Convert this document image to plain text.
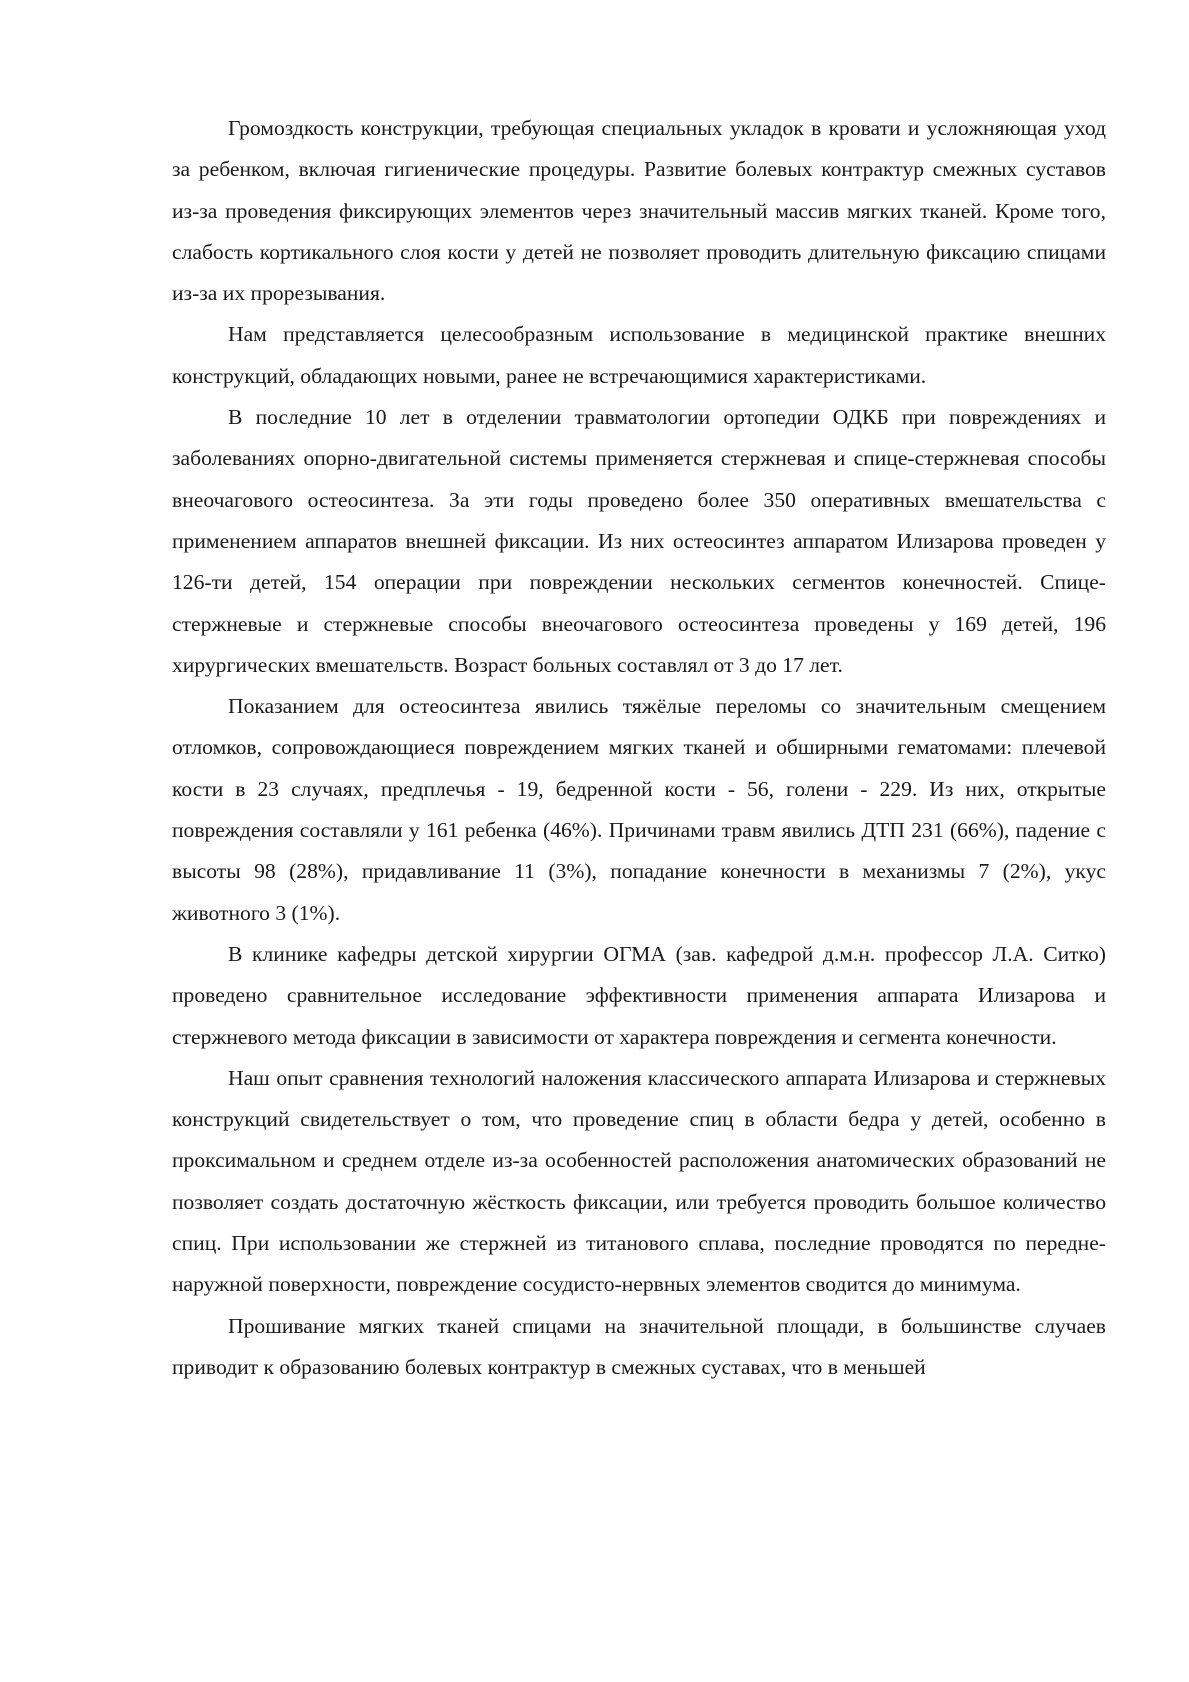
Громоздкость конструкции, требующая специальных укладок в кровати и усложняющая уход за ребенком, включая гигиенические процедуры. Развитие болевых контрактур смежных суставов из-за проведения фиксирующих элементов через значительный массив мягких тканей. Кроме того, слабость кортикального слоя кости у детей не позволяет проводить длительную фиксацию спицами из-за их прорезывания.

Нам представляется целесообразным использование в медицинской практике внешних конструкций, обладающих новыми, ранее не встречающимися характеристиками.

В последние 10 лет в отделении травматологии ортопедии ОДКБ при повреждениях и заболеваниях опорно-двигательной системы применяется стержневая и спице-стержневая способы внеочагового остеосинтеза. За эти годы проведено более 350 оперативных вмешательства с применением аппаратов внешней фиксации. Из них остеосинтез аппаратом Илизарова проведен у 126-ти детей, 154 операции при повреждении нескольких сегментов конечностей. Спице-стержневые и стержневые способы внеочагового остеосинтеза проведены у 169 детей, 196 хирургических вмешательств. Возраст больных составлял от 3 до 17 лет.

Показанием для остеосинтеза явились тяжёлые переломы со значительным смещением отломков, сопровождающиеся повреждением мягких тканей и обширными гематомами: плечевой кости в 23 случаях, предплечья - 19, бедренной кости - 56, голени - 229. Из них, открытые повреждения составляли у 161 ребенка (46%). Причинами травм явились ДТП 231 (66%), падение с высоты 98 (28%), придавливание 11 (3%), попадание конечности в механизмы 7 (2%), укус животного 3 (1%).

В клинике кафедры детской хирургии ОГМА (зав. кафедрой д.м.н. профессор Л.А. Ситко) проведено сравнительное исследование эффективности применения аппарата Илизарова и стержневого метода фиксации в зависимости от характера повреждения и сегмента конечности.

Наш опыт сравнения технологий наложения классического аппарата Илизарова и стержневых конструкций свидетельствует о том, что проведение спиц в области бедра у детей, особенно в проксимальном и среднем отделе из-за особенностей расположения анатомических образований не позволяет создать достаточную жёсткость фиксации, или требуется проводить большое количество спиц. При использовании же стержней из титанового сплава, последние проводятся по передне-наружной поверхности, повреждение сосудисто-нервных элементов сводится до минимума.

Прошивание мягких тканей спицами на значительной площади, в большинстве случаев приводит к образованию болевых контрактур в смежных суставах, что в меньшей
